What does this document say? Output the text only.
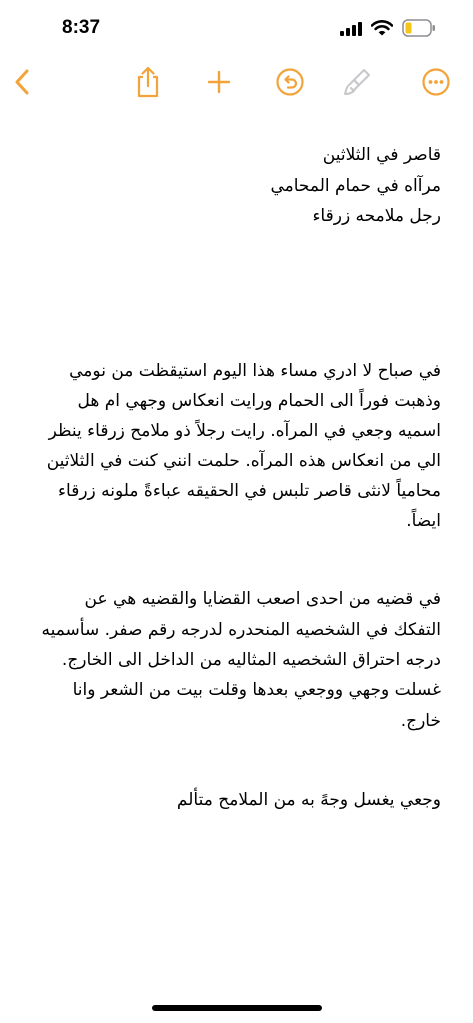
8:37
قاصر في الثلاثين
مرآاه في حمام المحامي
رجل ملامحه زرقاء
في صباح لا ادري مساء هذا اليوم استيقظت من نومي
وذهبت فوراً الى الحمام ورايت انعكاس وجهي ام هل
اسميه وجعي في المرآه. رايت رجلاً ذو ملامح زرقاء ينظر
الي من انعكاس هذه المرآه. حلمت انني كنت في الثلاثين
محامياً لانثى قاصر تلبس في الحقيقه عباءةً ملونه زرقاء
ايضاً.
في قضيه من احدى اصعب القضايا والقضيه هي عن
التفكك في الشخصيه المنحدره لدرجه رقم صفر. سأسميه
درجه احتراق الشخصيه المثاليه من الداخل الى الخارج.
غسلت وجهي ووجعي بعدها وقلت بيت من الشعر وانا
خارج.
وجعي يغسل وجهً به من الملامح متألم
